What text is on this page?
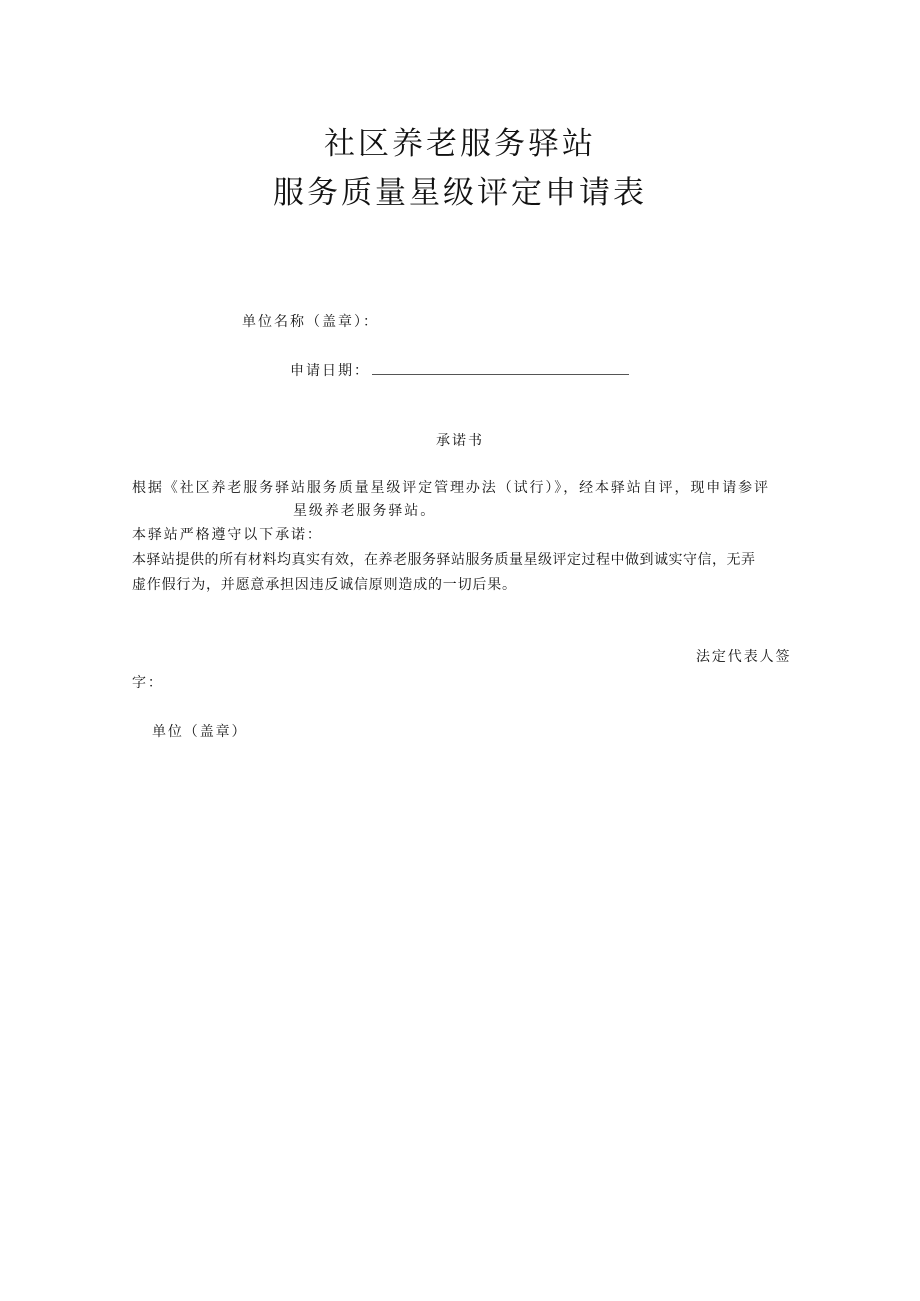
社区养老服务驿站
服务质量星级评定申请表
单位名称（盖章）：
申请日期：
承诺书
根据《社区养老服务驿站服务质量星级评定管理办法（试行）》，经本驿站自评，现申请参评
星级养老服务驿站。
本驿站严格遵守以下承诺：
本驿站提供的所有材料均真实有效，在养老服务驿站服务质量星级评定过程中做到诚实守信，无弄
虚作假行为，并愿意承担因违反诚信原则造成的一切后果。
法定代表人签
字：
单位（盖章）
